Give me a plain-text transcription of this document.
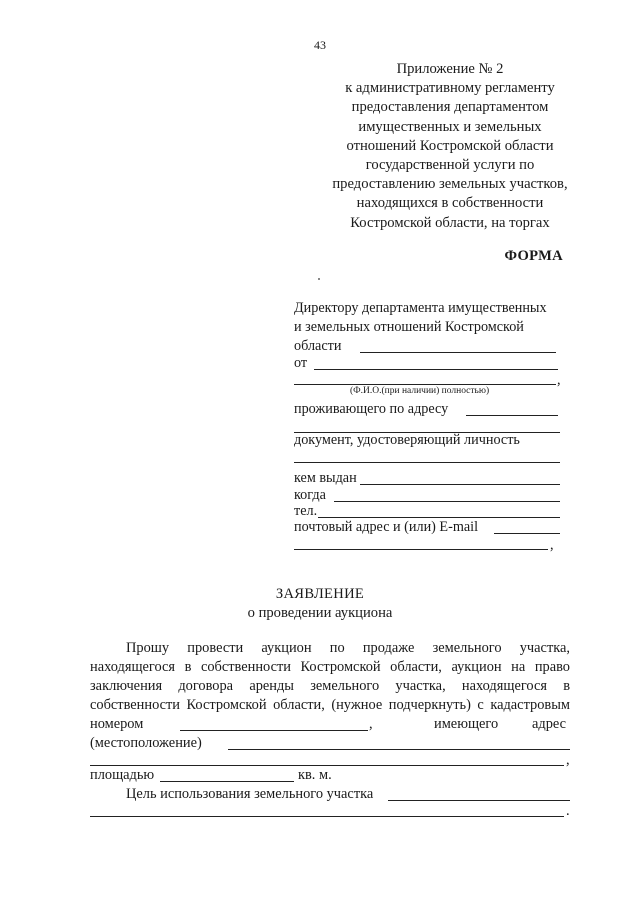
43
Приложение № 2
к административному регламенту
предоставления департаментом
имущественных и земельных
отношений Костромской области
государственной услуги по
предоставлению земельных участков,
находящихся в собственности
Костромской области, на торгах
ФОРМА
Директору департамента имущественных
и земельных отношений Костромской
области
от
,
(Ф.И.О.(при наличии) полностью)
проживающего по адресу
документ, удостоверяющий личность
кем выдан
когда
тел.
почтовый адрес и (или) E-mail
,
ЗАЯВЛЕНИЕ
о проведении аукциона
Прошу провести аукцион по продаже земельного участка,
находящегося в собственности Костромской области, аукцион на право
заключения договора аренды земельного участка, находящегося в
собственности Костромской области, (нужное подчеркнуть) с кадастровым
номером	,	имеющего адрес
(местоположение)
,
площадью	кв. м.
Цель использования земельного участка
.
